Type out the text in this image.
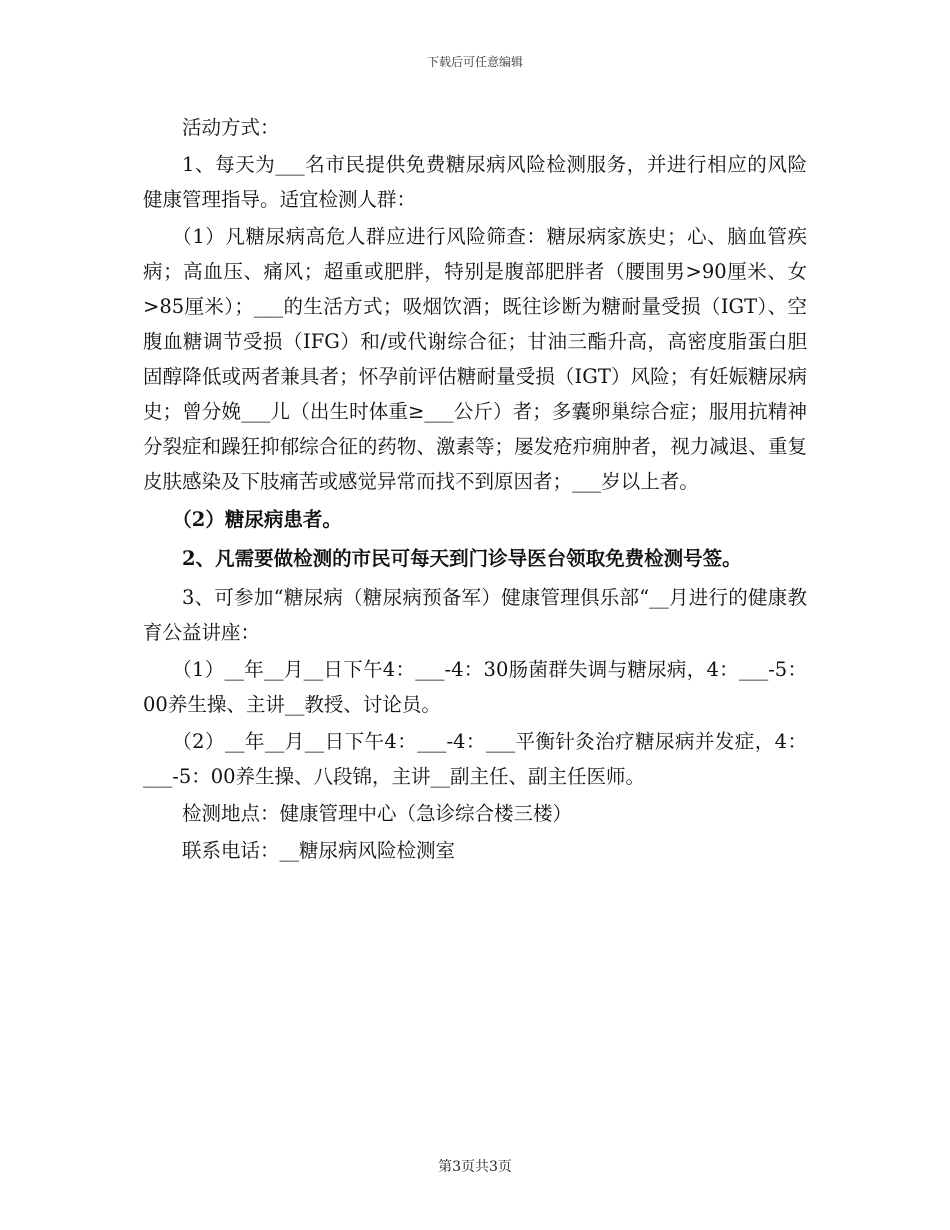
下载后可任意编辑

活动方式：

1、每天为___名市民提供免费糖尿病风险检测服务，并进行相应的风险健康管理指导。适宜检测人群：

（1）凡糖尿病高危人群应进行风险筛查：糖尿病家族史；心、脑血管疾病；高血压、痛风；超重或肥胖，特别是腹部肥胖者（腰围男>90厘米、女>85厘米）；___的生活方式；吸烟饮酒；既往诊断为糖耐量受损（IGT）、空腹血糖调节受损（IFG）和/或代谢综合征；甘油三酯升高，高密度脂蛋白胆固醇降低或两者兼具者；怀孕前评估糖耐量受损（IGT）风险；有妊娠糖尿病史；曾分娩___儿（出生时体重≥___公斤）者；多囊卵巢综合症；服用抗精神分裂症和躁狂抑郁综合征的药物、激素等；屡发疮疖痈肿者，视力减退、重复皮肤感染及下肢痛苦或感觉异常而找不到原因者；___岁以上者。

（2）糖尿病患者。

2、凡需要做检测的市民可每天到门诊导医台领取免费检测号签。

3、可参加“糖尿病（糖尿病预备军）健康管理俱乐部“__月进行的健康教育公益讲座：

（1）__年__月__日下午4：___-4：30肠菌群失调与糖尿病，4：___-5：00养生操、主讲__教授、讨论员。

（2）__年__月__日下午4：___-4：___平衡针灸治疗糖尿病并发症，4：___-5：00养生操、八段锦，主讲__副主任、副主任医师。

检测地点：健康管理中心（急诊综合楼三楼）

联系电话：__糖尿病风险检测室

第3页共3页
